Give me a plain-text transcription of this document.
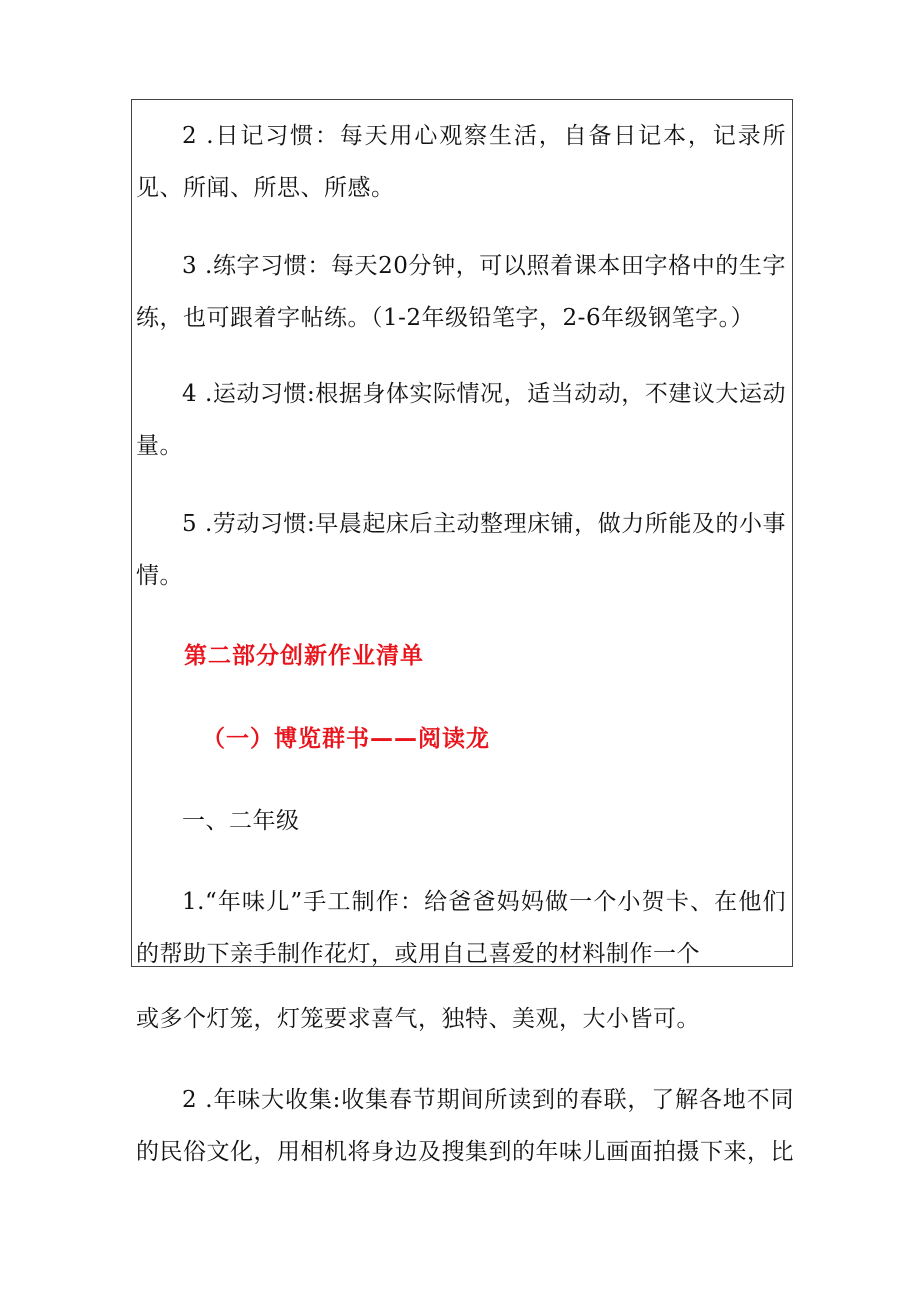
2 .日记习惯：每天用心观察生活，自备日记本，记录所见、所闻、所思、所感。

3 .练字习惯：每天20分钟，可以照着课本田字格中的生字练，也可跟着字帖练。（1-2年级铅笔字，2-6年级钢笔字。）

4 .运动习惯:根据身体实际情况，适当动动，不建议大运动量。

5 .劳动习惯:早晨起床后主动整理床铺，做力所能及的小事情。

第二部分创新作业清单

（一）博览群书——阅读龙

一、二年级

1.“年味儿”手工制作：给爸爸妈妈做一个小贺卡、在他们的帮助下亲手制作花灯，或用自己喜爱的材料制作一个

或多个灯笼，灯笼要求喜气，独特、美观，大小皆可。

2 .年味大收集:收集春节期间所读到的春联，了解各地不同的民俗文化，用相机将身边及搜集到的年味儿画面拍摄下来，比
